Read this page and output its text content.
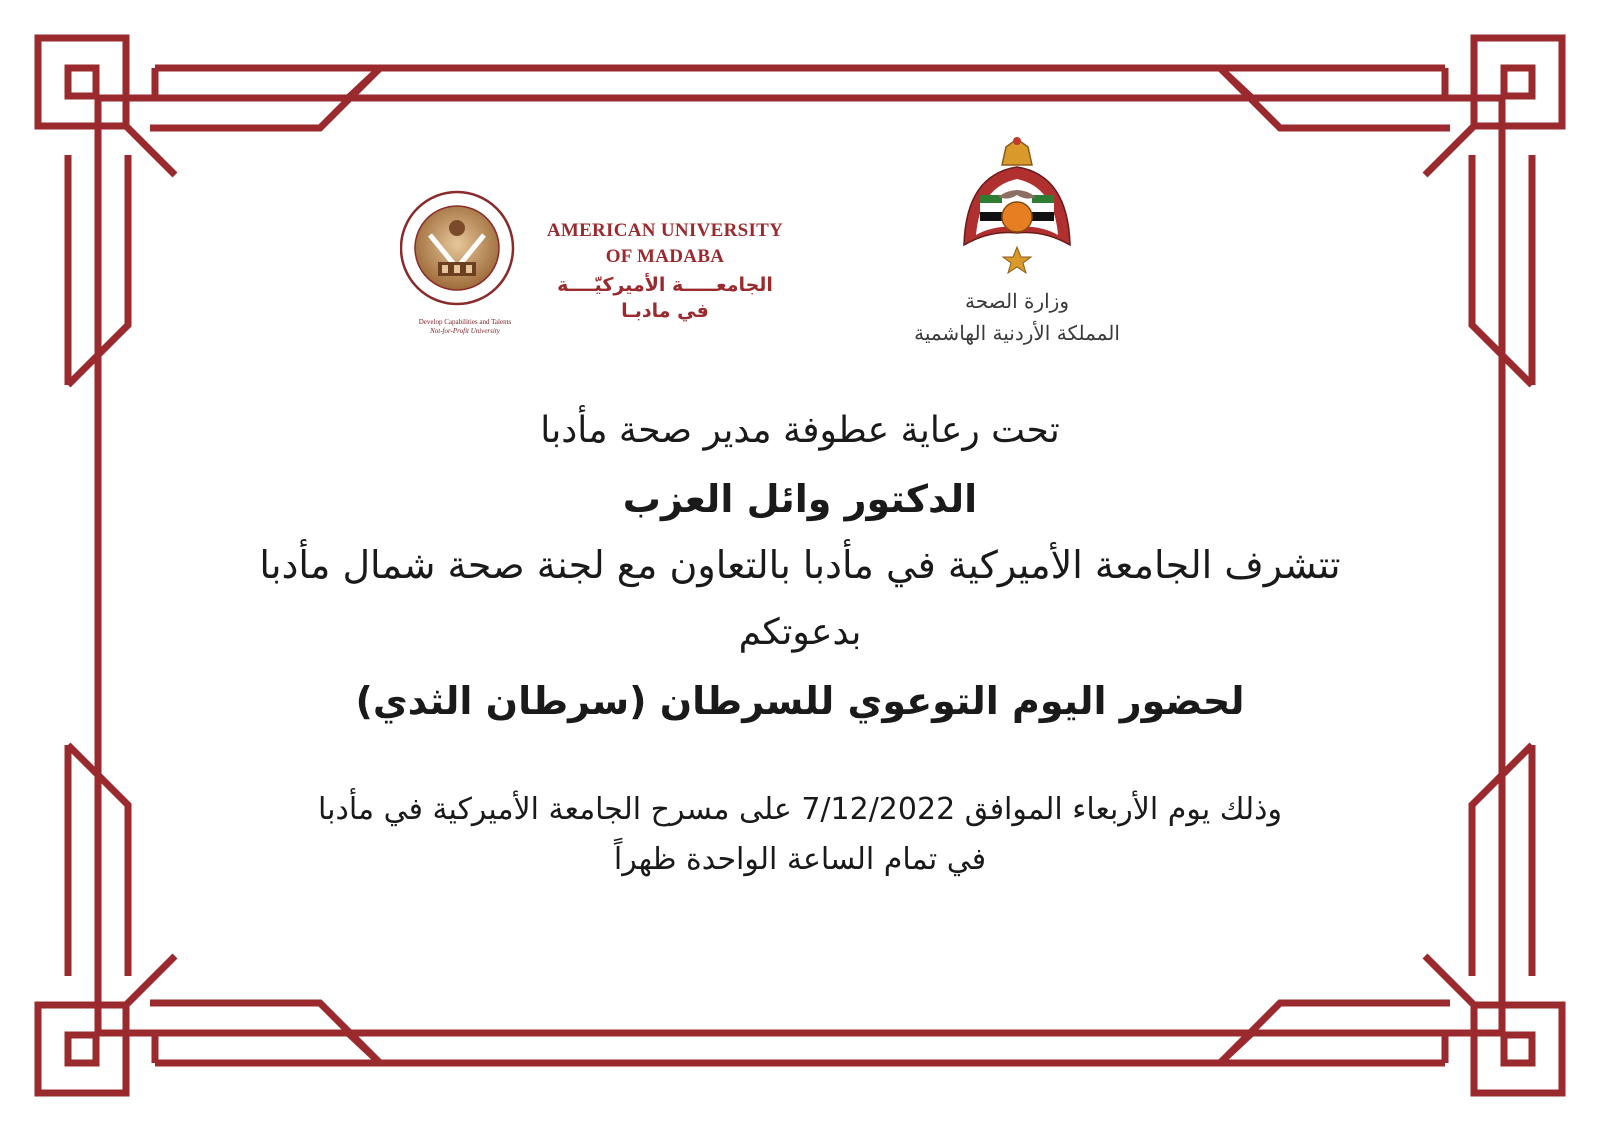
AMERICAN UNIVERSITY
OF MADABA
الجامعـــــة الأميركيّــــة
في مادبـا
Develop Capabilities and Talents
Not-for-Profit University
وزارة الصحة
المملكة الأردنية الهاشمية
تحت رعاية عطوفة مدير صحة مأدبا
الدكتور وائل العزب
تتشرف الجامعة الأميركية في مأدبا بالتعاون مع لجنة صحة شمال مأدبا
بدعوتكم
لحضور اليوم التوعوي للسرطان (سرطان الثدي)
وذلك يوم الأربعاء الموافق 7/12/2022 على مسرح الجامعة الأميركية في مأدبا
في تمام الساعة الواحدة ظهراً
